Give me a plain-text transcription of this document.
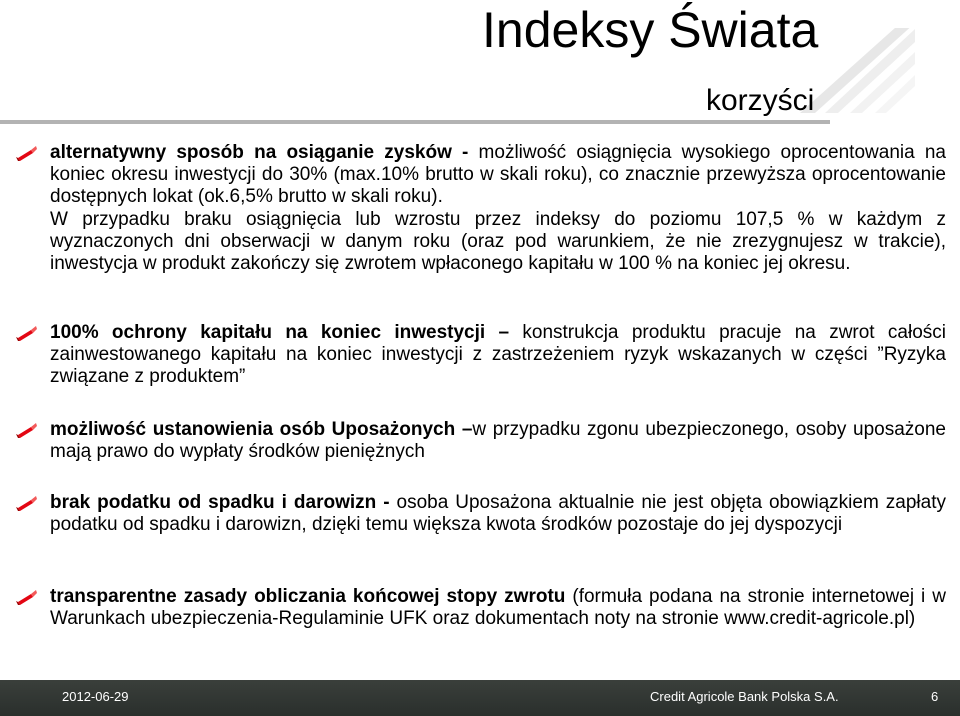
Indeksy Świata
korzyści
alternatywny sposób na osiąganie zysków - możliwość osiągnięcia wysokiego oprocentowania na koniec okresu inwestycji do 30% (max.10% brutto w skali roku), co znacznie przewyższa oprocentowanie dostępnych lokat (ok.6,5% brutto w skali roku).
W przypadku braku osiągnięcia lub wzrostu przez indeksy do poziomu 107,5 % w każdym z wyznaczonych dni obserwacji w danym roku (oraz pod warunkiem, że nie zrezygnujesz w trakcie), inwestycja w produkt zakończy się zwrotem wpłaconego kapitału w 100 % na koniec jej okresu.
100% ochrony kapitału na koniec inwestycji – konstrukcja produktu pracuje na zwrot całości zainwestowanego kapitału na koniec inwestycji z zastrzeżeniem ryzyk wskazanych w części ”Ryzyka związane z produktem”
możliwość ustanowienia osób Uposażonych –w przypadku zgonu ubezpieczonego, osoby uposażone mają prawo do wypłaty środków pieniężnych
brak podatku od spadku i darowizn - osoba Uposażona aktualnie nie jest objęta obowiązkiem zapłaty podatku od spadku i darowizn, dzięki temu większa kwota środków pozostaje do jej dyspozycji
transparentne zasady obliczania końcowej stopy zwrotu (formuła podana na stronie internetowej i w Warunkach ubezpieczenia-Regulaminie UFK oraz dokumentach noty na stronie www.credit-agricole.pl)
2012-06-29	Credit Agricole Bank Polska S.A.	6
